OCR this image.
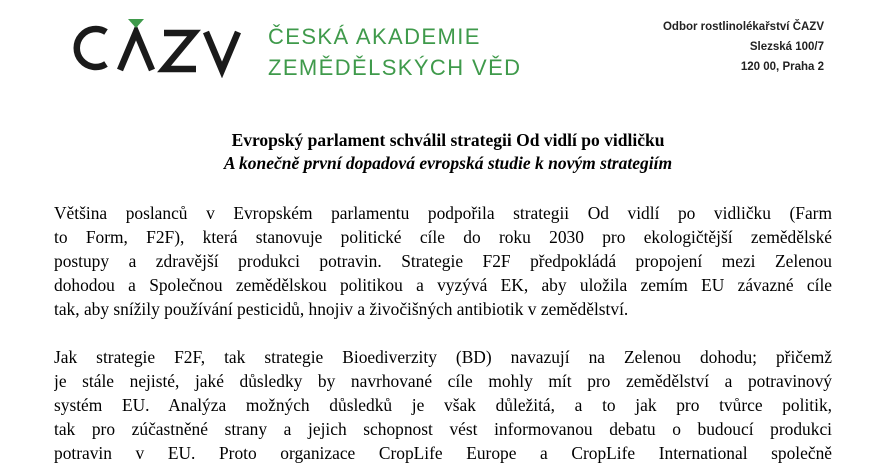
ČESKÁ AKADEMIE
ZEMĚDĚLSKÝCH VĚD
Odbor rostlinolékařství ČAZV
Slezská 100/7
120 00, Praha 2
Evropský parlament schválil strategii Od vidlí po vidličku
A konečně první dopadová evropská studie k novým strategiím
Většina poslanců v Evropském parlamentu podpořila strategii Od vidlí po vidličku (Farm
to Form, F2F), která stanovuje politické cíle do roku 2030 pro ekologičtější zemědělské
postupy a zdravější produkci potravin. Strategie F2F předpokládá propojení mezi Zelenou
dohodou a Společnou zemědělskou politikou a vyzývá EK, aby uložila zemím EU závazné cíle
tak, aby snížily používání pesticidů, hnojiv a živočišných antibiotik v zemědělství.
Jak strategie F2F, tak strategie Bioediverzity (BD) navazují na Zelenou dohodu; přičemž
je stále nejisté, jaké důsledky by navrhované cíle mohly mít pro zemědělství a potravinový
systém EU. Analýza možných důsledků je však důležitá, a to jak pro tvůrce politik,
tak pro zúčastněné strany a jejich schopnost vést informovanou debatu o budoucí produkci
potravin v EU. Proto organizace CropLife Europe a CropLife International společně
